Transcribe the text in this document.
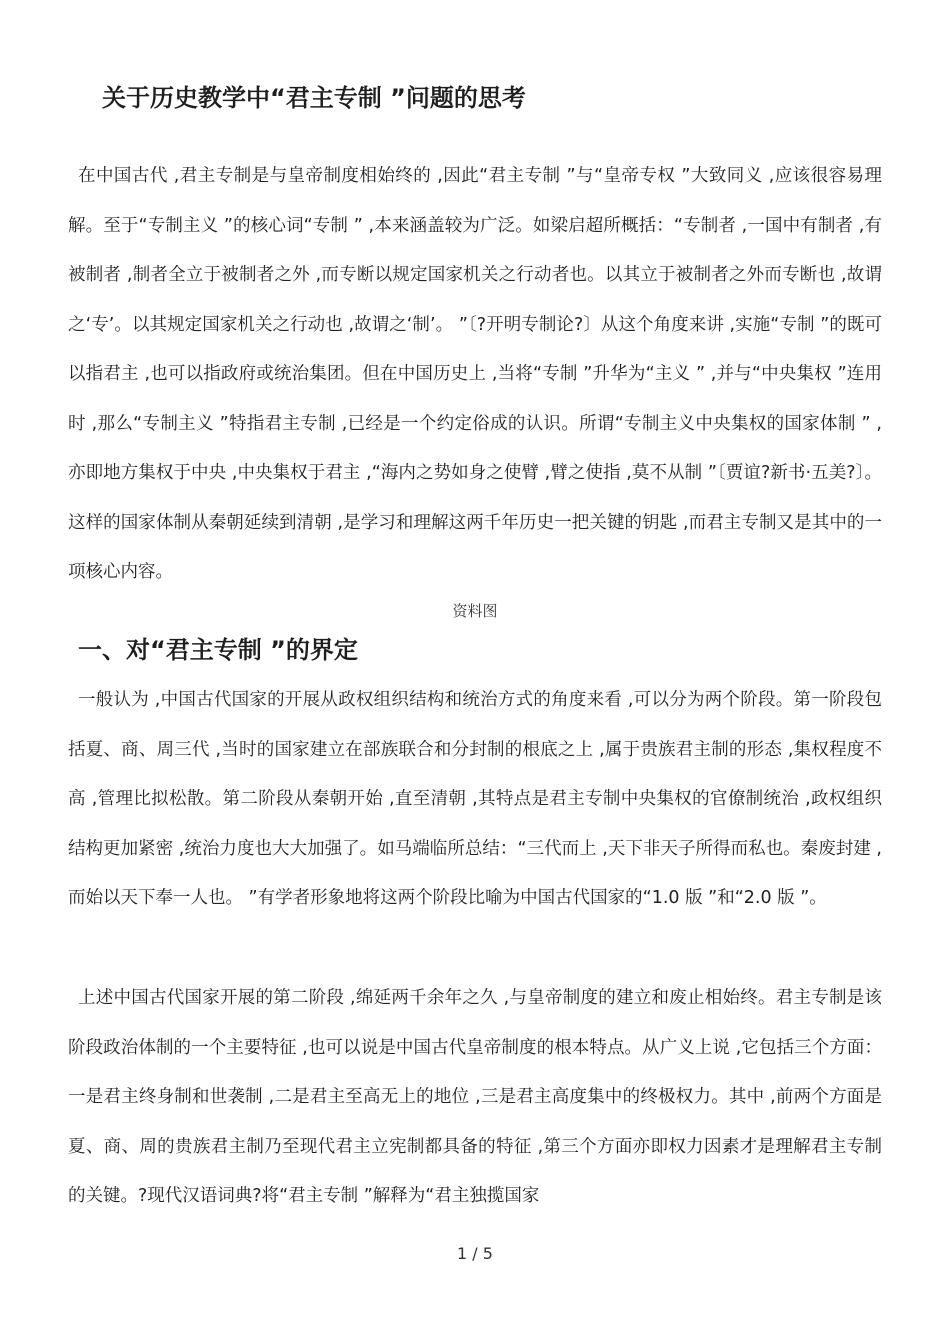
关于历史教学中“君主专制 ”问题的思考

在中国古代 ,君主专制是与皇帝制度相始终的 ,因此“君主专制 ”与“皇帝专权 ”大致同义 ,应该很容易理解。至于“专制主义 ”的核心词“专制 ” ,本来涵盖较为广泛。如梁启超所概括：“专制者 ,一国中有制者 ,有被制者 ,制者全立于被制者之外 ,而专断以规定国家机关之行动者也。以其立于被制者之外而专断也 ,故谓之‘专’。以其规定国家机关之行动也 ,故谓之‘制’。 ”〔?开明专制论?〕从这个角度来讲 ,实施“专制 ”的既可以指君主 ,也可以指政府或统治集团。但在中国历史上 ,当将“专制 ”升华为“主义 ” ,并与“中央集权 ”连用时 ,那么“专制主义 ”特指君主专制 ,已经是一个约定俗成的认识。所谓“专制主义中央集权的国家体制 ” ,亦即地方集权于中央 ,中央集权于君主 ,“海内之势如身之使臂 ,臂之使指 ,莫不从制 ”〔贾谊?新书·五美?〕。这样的国家体制从秦朝延续到清朝 ,是学习和理解这两千年历史一把关键的钥匙 ,而君主专制又是其中的一项核心内容。

资料图
一、对“君主专制 ”的界定

一般认为 ,中国古代国家的开展从政权组织结构和统治方式的角度来看 ,可以分为两个阶段。第一阶段包括夏、商、周三代 ,当时的国家建立在部族联合和分封制的根底之上 ,属于贵族君主制的形态 ,集权程度不高 ,管理比拟松散。第二阶段从秦朝开始 ,直至清朝 ,其特点是君主专制中央集权的官僚制统治 ,政权组织结构更加紧密 ,统治力度也大大加强了。如马端临所总结：“三代而上 ,天下非天子所得而私也。秦废封建 ,而始以天下奉一人也。 ”有学者形象地将这两个阶段比喻为中国古代国家的“1.0 版 ”和“2.0 版 ”。

上述中国古代国家开展的第二阶段 ,绵延两千余年之久 ,与皇帝制度的建立和废止相始终。君主专制是该阶段政治体制的一个主要特征 ,也可以说是中国古代皇帝制度的根本特点。从广义上说 ,它包括三个方面：一是君主终身制和世袭制 ,二是君主至高无上的地位 ,三是君主高度集中的终极权力。其中 ,前两个方面是夏、商、周的贵族君主制乃至现代君主立宪制都具备的特征 ,第三个方面亦即权力因素才是理解君主专制的关键。?现代汉语词典?将“君主专制 ”解释为“君主独揽国家

1 / 5
